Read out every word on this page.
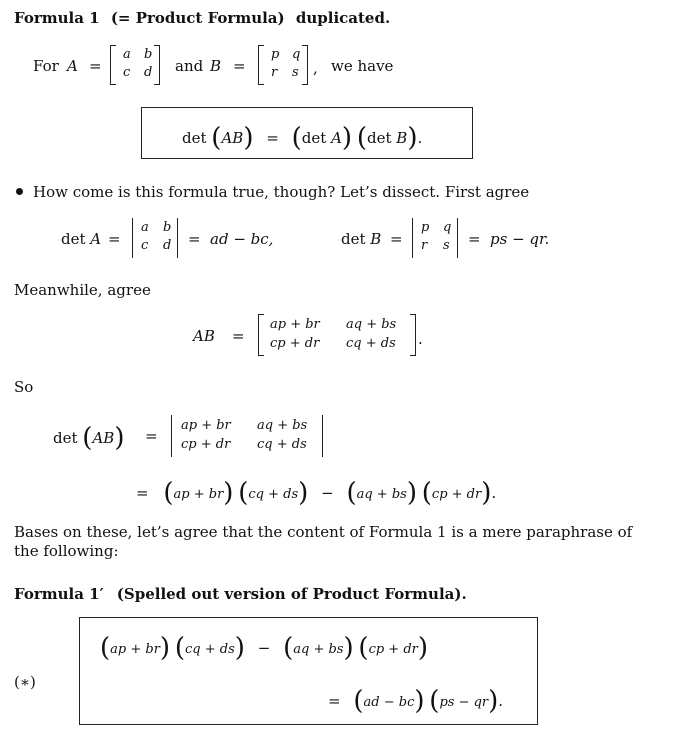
Formula 1 (= Product Formula) duplicated.
For A =
a b
c d and B =
p q
r s , we have
det (AB) = (det A) (det B).
How come is this formula true, though? Let’s dissect. First agree
det A =
a b
c d = ad − bc,	det B =
p q
r s = ps − qr.
Meanwhile, agree
AB =
ap + br aq + bs
cp + dr cq + ds .
So
det (AB) =
ap + br aq + bs
cp + dr cq + ds
= (ap + br) (cq + ds) − (aq + bs) (cp + dr).
Bases on these, let’s agree that the content of Formula 1 is a mere paraphrase of the following:
Formula 1′ (Spelled out version of Product Formula).
(∗)
(ap + br) (cq + ds) − (aq + bs) (cp + dr)
= (ad − bc) (ps − qr).
